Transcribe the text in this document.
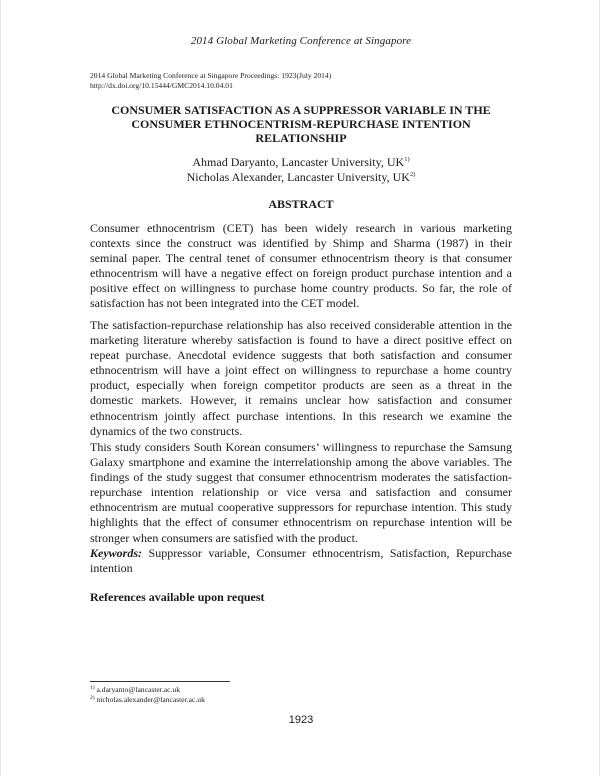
2014 Global Marketing Conference at Singapore
2014 Global Marketing Conference at Singapore Proceedings: 1923(July 2014)
http://dx.doi.org/10.15444/GMC2014.10.04.01
CONSUMER SATISFACTION AS A SUPPRESSOR VARIABLE IN THE
CONSUMER ETHNOCENTRISM-REPURCHASE INTENTION
RELATIONSHIP
Ahmad Daryanto, Lancaster University, UK$^{1)}$
Nicholas Alexander, Lancaster University, UK$^{2)}$
ABSTRACT

Consumer ethnocentrism (CET) has been widely research in various marketing contexts since the construct was identified by Shimp and Sharma (1987) in their seminal paper. The central tenet of consumer ethnocentrism theory is that consumer ethnocentrism will have a negative effect on foreign product purchase intention and a positive effect on willingness to purchase home country products. So far, the role of satisfaction has not been integrated into the CET model.

The satisfaction-repurchase relationship has also received considerable attention in the marketing literature whereby satisfaction is found to have a direct positive effect on repeat purchase. Anecdotal evidence suggests that both satisfaction and consumer ethnocentrism will have a joint effect on willingness to repurchase a home country product, especially when foreign competitor products are seen as a threat in the domestic markets. However, it remains unclear how satisfaction and consumer ethnocentrism jointly affect purchase intentions. In this research we examine the dynamics of the two constructs.

This study considers South Korean consumers’ willingness to repurchase the Samsung Galaxy smartphone and examine the interrelationship among the above variables. The findings of the study suggest that consumer ethnocentrism moderates the satisfaction-repurchase intention relationship or vice versa and satisfaction and consumer ethnocentrism are mutual cooperative suppressors for repurchase intention. This study highlights that the effect of consumer ethnocentrism on repurchase intention will be stronger when consumers are satisfied with the product.

Keywords: Suppressor variable, Consumer ethnocentrism, Satisfaction, Repurchase intention

References available upon request
$^{1)}$ a.daryanto@lancaster.ac.uk
$^{2)}$ nicholas.alexander@lancaster.ac.uk
1923
